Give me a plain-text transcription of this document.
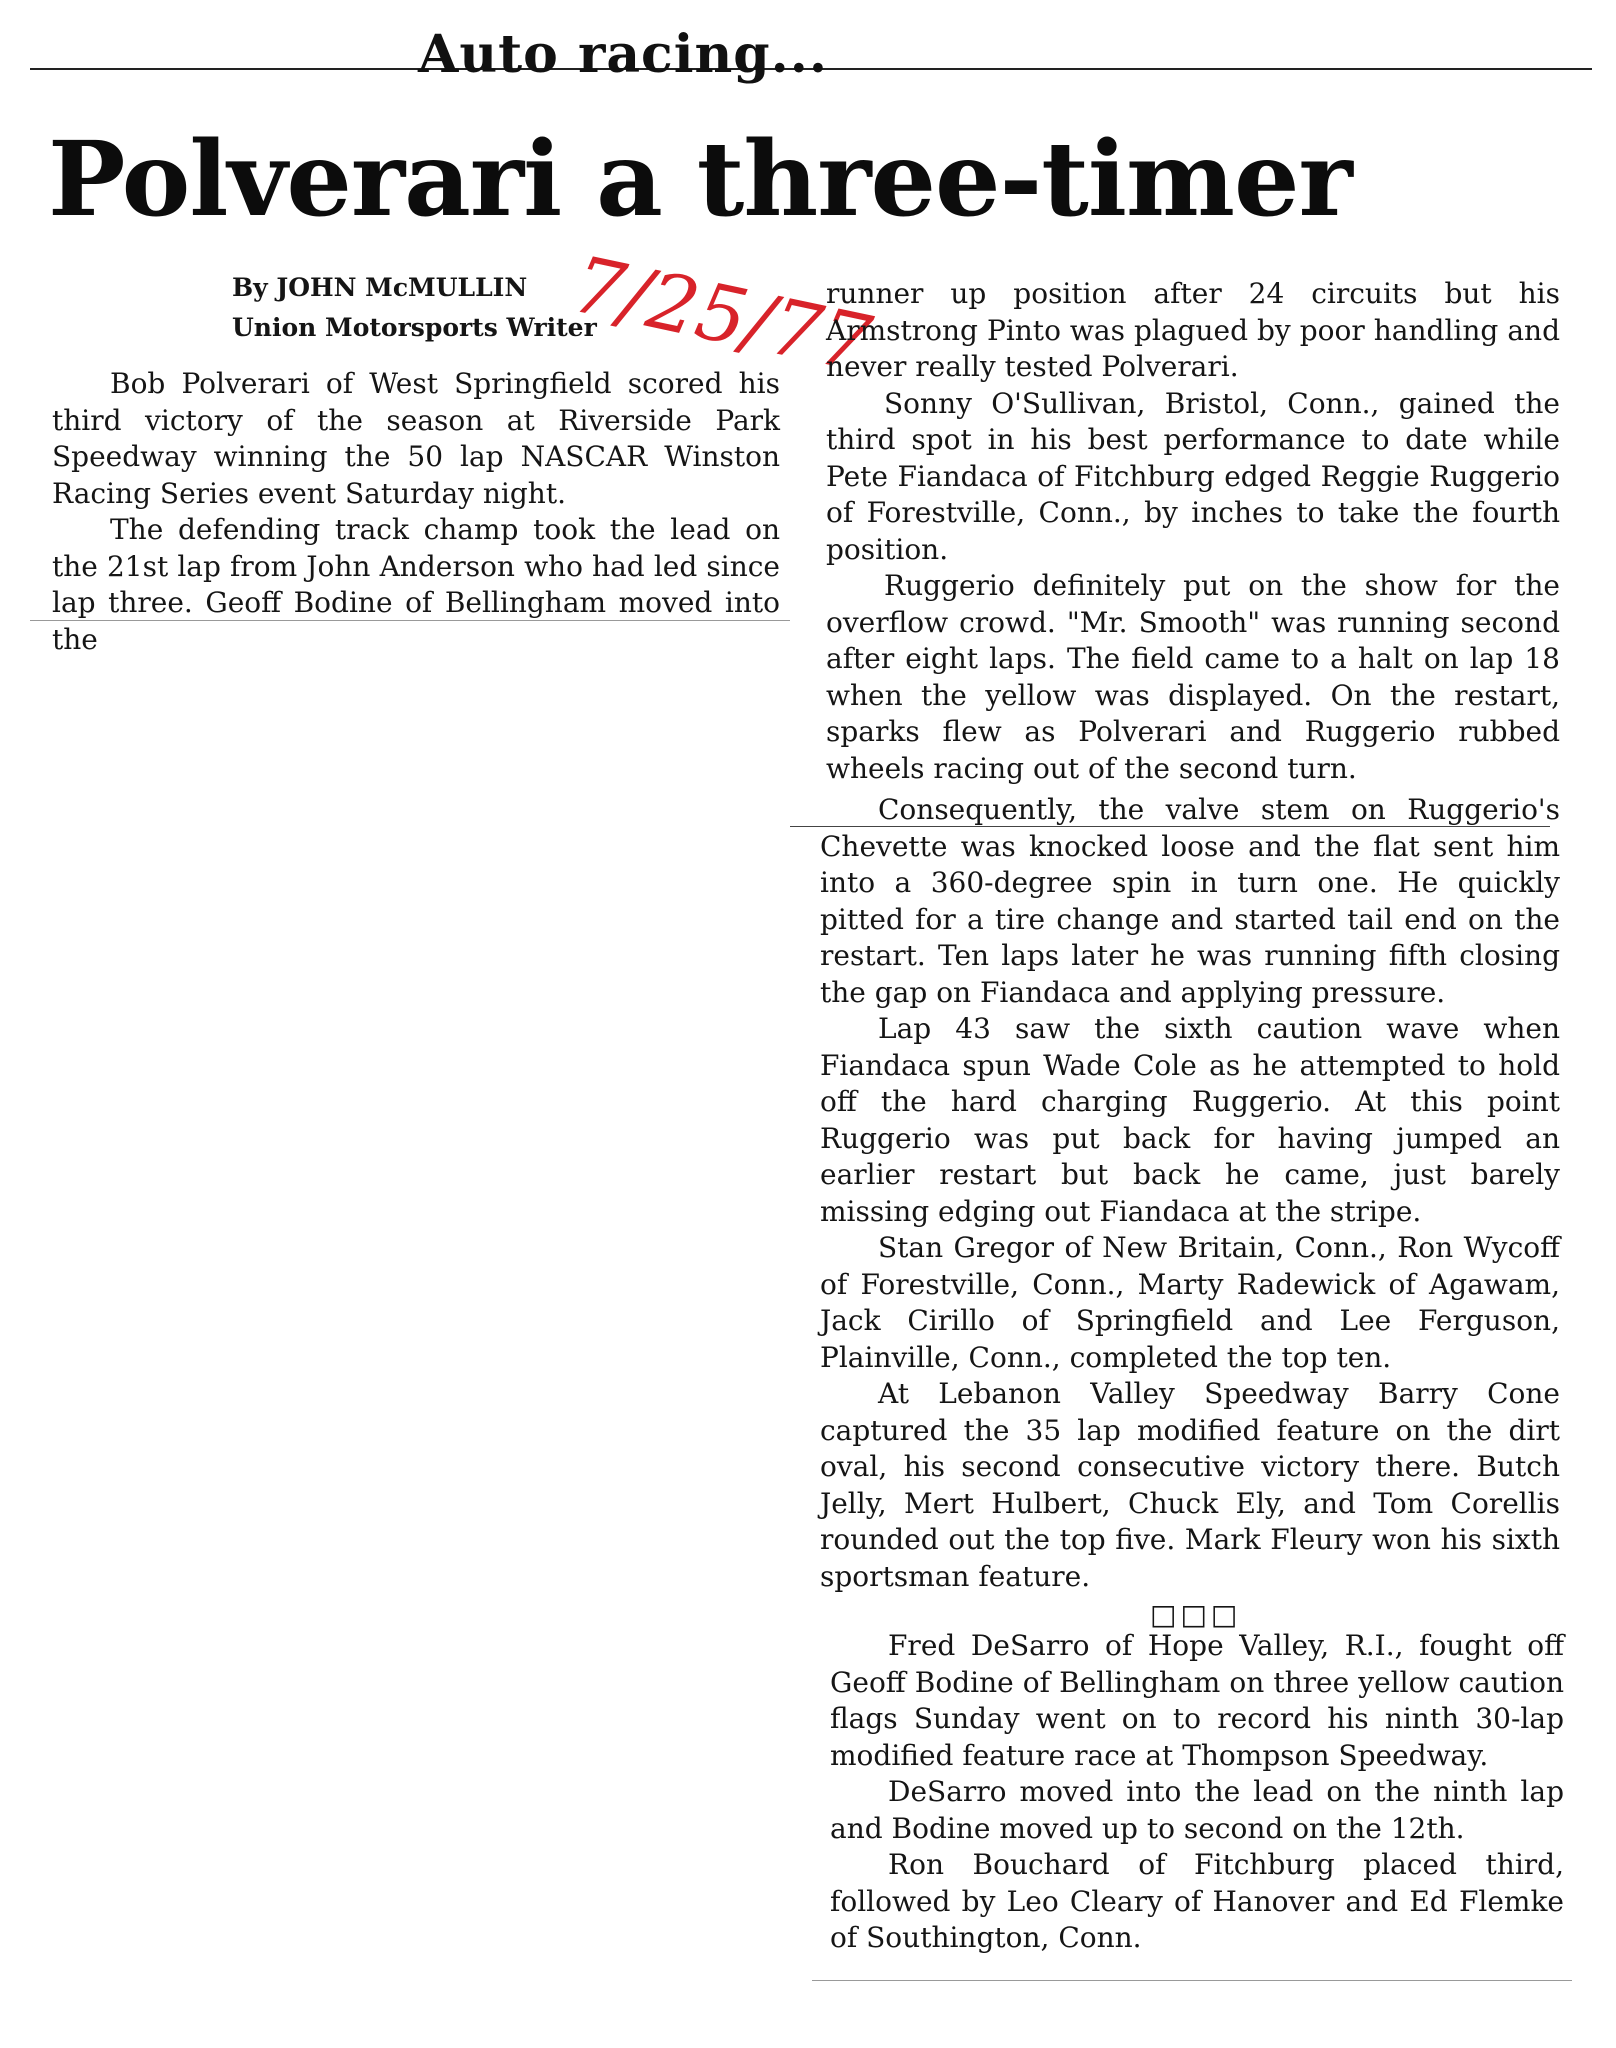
Auto racing...
Polverari a three-timer
7/25/77
By JOHN McMULLIN
Union Motorsports Writer

Bob Polverari of West Springfield scored his third victory of the season at Riverside Park Speedway winning the 50 lap NASCAR Winston Racing Series event Saturday night.

The defending track champ took the lead on the 21st lap from John Anderson who had led since lap three. Geoff Bodine of Bellingham moved into the

runner up position after 24 circuits but his Armstrong Pinto was plagued by poor handling and never really tested Polverari.

Sonny O'Sullivan, Bristol, Conn., gained the third spot in his best performance to date while Pete Fiandaca of Fitchburg edged Reggie Ruggerio of Forestville, Conn., by inches to take the fourth position.

Ruggerio definitely put on the show for the overflow crowd. "Mr. Smooth" was running second after eight laps. The field came to a halt on lap 18 when the yellow was displayed. On the restart, sparks flew as Polverari and Ruggerio rubbed wheels racing out of the second turn.

Consequently, the valve stem on Ruggerio's Chevette was knocked loose and the flat sent him into a 360-degree spin in turn one. He quickly pitted for a tire change and started tail end on the restart. Ten laps later he was running fifth closing the gap on Fiandaca and applying pressure.

Lap 43 saw the sixth caution wave when Fiandaca spun Wade Cole as he attempted to hold off the hard charging Ruggerio. At this point Ruggerio was put back for having jumped an earlier restart but back he came, just barely missing edging out Fiandaca at the stripe.

Stan Gregor of New Britain, Conn., Ron Wycoff of Forestville, Conn., Marty Radewick of Agawam, Jack Cirillo of Springfield and Lee Ferguson, Plainville, Conn., completed the top ten.

At Lebanon Valley Speedway Barry Cone captured the 35 lap modified feature on the dirt oval, his second consecutive victory there. Butch Jelly, Mert Hulbert, Chuck Ely, and Tom Corellis rounded out the top five. Mark Fleury won his sixth sportsman feature.

□□□

Fred DeSarro of Hope Valley, R.I., fought off Geoff Bodine of Bellingham on three yellow caution flags Sunday went on to record his ninth 30-lap modified feature race at Thompson Speedway.

DeSarro moved into the lead on the ninth lap and Bodine moved up to second on the 12th.

Ron Bouchard of Fitchburg placed third, followed by Leo Cleary of Hanover and Ed Flemke of Southington, Conn.
